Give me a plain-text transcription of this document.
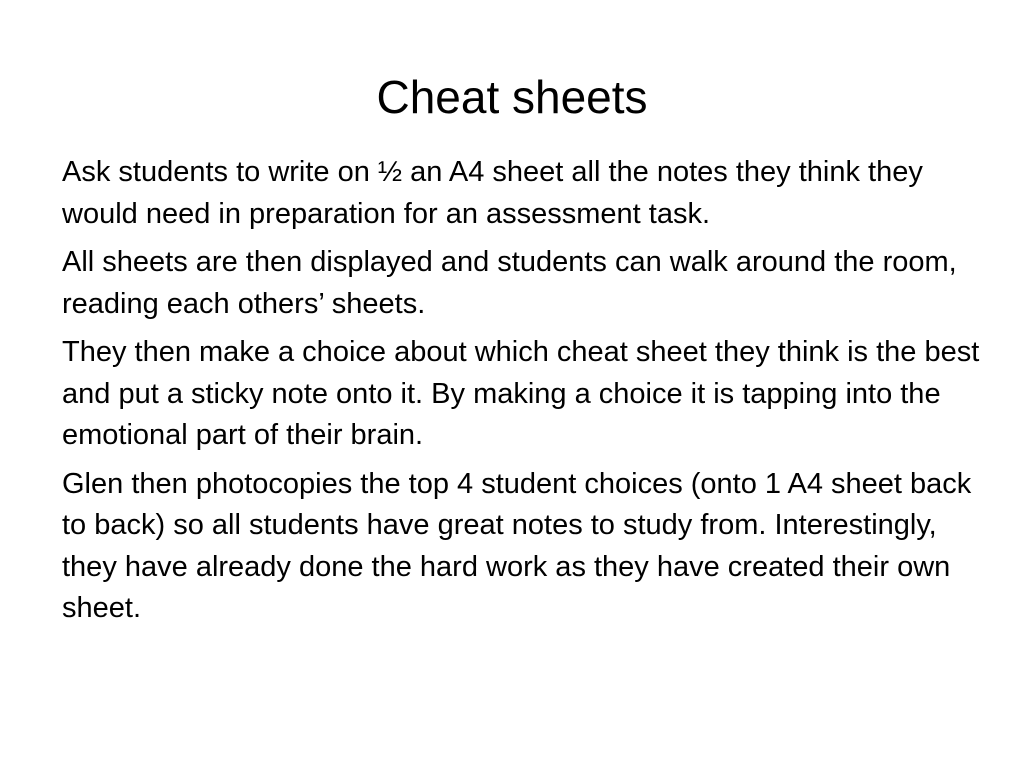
Cheat sheets
Ask students to write on ½ an A4 sheet all the notes they think they would need in preparation for an assessment task.
All sheets are then displayed and students can walk around the room, reading each others’ sheets.
They then make a choice about which cheat sheet they think is the best and put a sticky note onto it. By making a choice it is tapping into the emotional part of their brain.
Glen then photocopies the top 4 student choices (onto 1 A4 sheet back to back) so all students have great notes to study from. Interestingly, they have already done the hard work as they have created their own sheet.
